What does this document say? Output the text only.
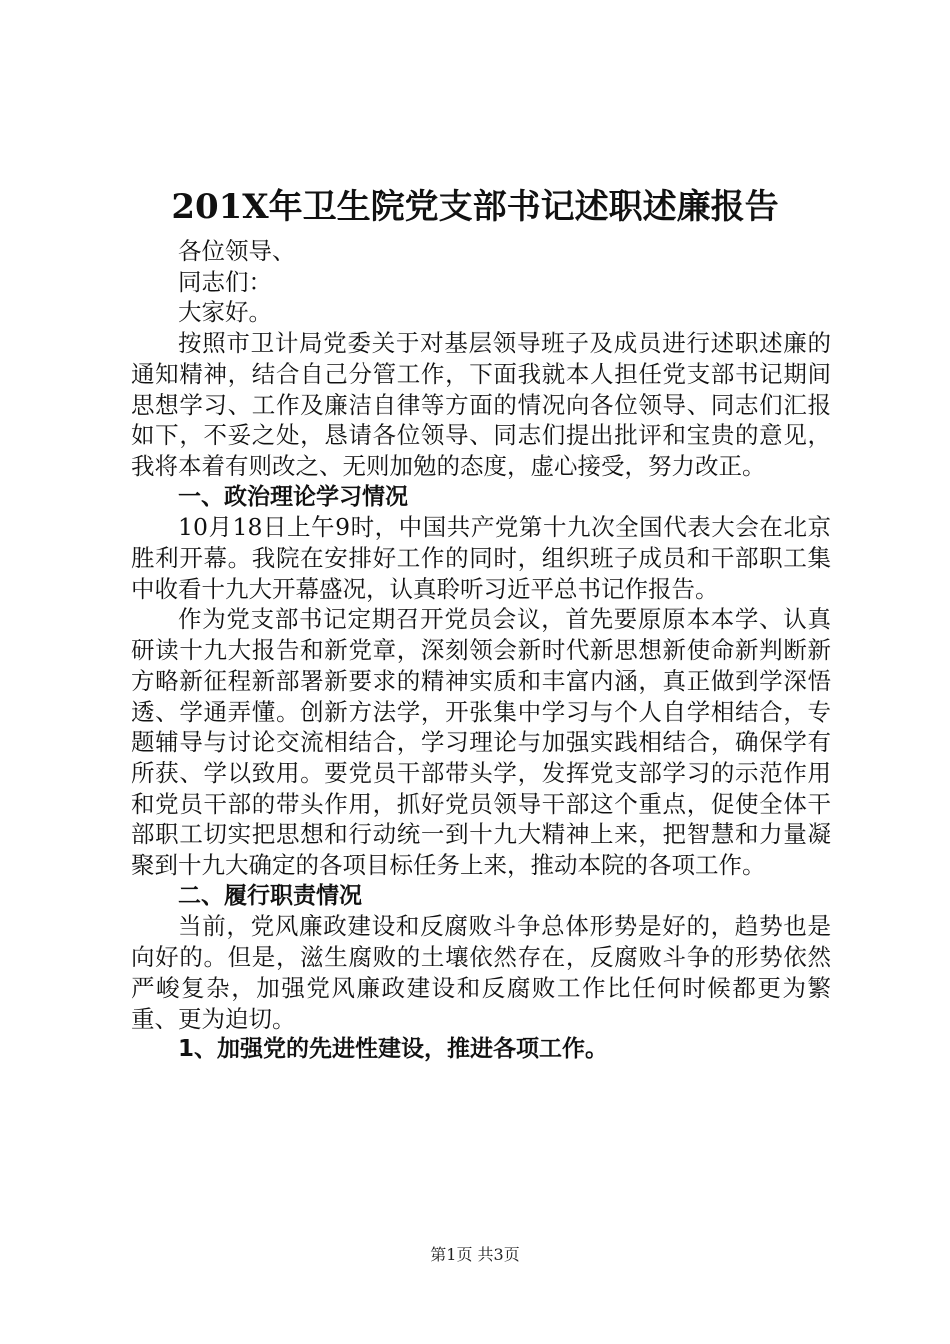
201X年卫生院党支部书记述职述廉报告

各位领导、

同志们：

大家好。

按照市卫计局党委关于对基层领导班子及成员进行述职述廉的通知精神，结合自己分管工作，下面我就本人担任党支部书记期间思想学习、工作及廉洁自律等方面的情况向各位领导、同志们汇报如下，不妥之处，恳请各位领导、同志们提出批评和宝贵的意见，我将本着有则改之、无则加勉的态度，虚心接受，努力改正。

一、政治理论学习情况

10月18日上午9时，中国共产党第十九次全国代表大会在北京胜利开幕。我院在安排好工作的同时，组织班子成员和干部职工集中收看十九大开幕盛况，认真聆听习近平总书记作报告。

作为党支部书记定期召开党员会议，首先要原原本本学、认真研读十九大报告和新党章，深刻领会新时代新思想新使命新判断新方略新征程新部署新要求的精神实质和丰富内涵，真正做到学深悟透、学通弄懂。创新方法学，开张集中学习与个人自学相结合，专题辅导与讨论交流相结合，学习理论与加强实践相结合，确保学有所获、学以致用。要党员干部带头学，发挥党支部学习的示范作用和党员干部的带头作用，抓好党员领导干部这个重点，促使全体干部职工切实把思想和行动统一到十九大精神上来，把智慧和力量凝聚到十九大确定的各项目标任务上来，推动本院的各项工作。

二、履行职责情况

当前，党风廉政建设和反腐败斗争总体形势是好的，趋势也是向好的。但是，滋生腐败的土壤依然存在，反腐败斗争的形势依然严峻复杂，加强党风廉政建设和反腐败工作比任何时候都更为繁重、更为迫切。

1、加强党的先进性建设，推进各项工作。

第1页 共3页
